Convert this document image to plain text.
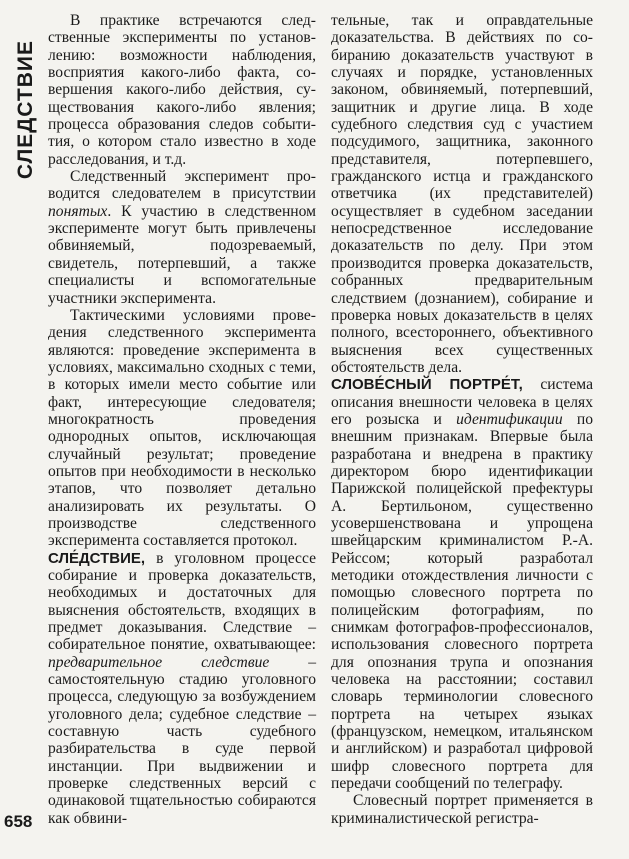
СЛЕДСТВИЕ
658

В практике встречаются следственные эксперименты по установлению: возможности наблюдения, восприятия какого-либо факта, совершения какого-либо действия, существования какого-либо явления; процесса образования следов событития, о котором стало известно в ходе расследования, и т.д.

Следственный эксперимент проводится следователем в присутствии понятых. К участию в следственном эксперименте могут быть привлечены обвиняемый, подозреваемый, свидетель, потерпевший, а также специалисты и вспомогательные участники эксперимента.

Тактическими условиями проведения следственного эксперимента являются: проведение эксперимента в условиях, максимально сходных с теми, в которых имели место событие или факт, интересующие следователя; многократность проведения однородных опытов, исключающая случайный результат; проведение опытов при необходимости в несколько этапов, что позволяет детально анализировать их результаты. О производстве следственного эксперимента составляется протокол.

СЛЕ́ДСТВИЕ, в уголовном процессе собирание и проверка доказательств, необходимых и достаточных для выяснения обстоятельств, входящих в предмет доказывания. Следствие – собирательное понятие, охватывающее: предварительное следствие – самостоятельную стадию уголовного процесса, следующую за возбуждением уголовного дела; судебное следствие – составную часть судебного разбирательства в суде первой инстанции. При выдвижении и проверке следственных версий с одинаковой тщательностью собираются как обвини-

тельные, так и оправдательные доказательства. В действиях по собиранию доказательств участвуют в случаях и порядке, установленных законом, обвиняемый, потерпевший, защитник и другие лица. В ходе судебного следствия суд с участием подсудимого, защитника, законного представителя, потерпевшего, гражданского истца и гражданского ответчика (их представителей) осуществляет в судебном заседании непосредственное исследование доказательств по делу. При этом производится проверка доказательств, собранных предварительным следствием (дознанием), собирание и проверка новых доказательств в целях полного, всестороннего, объективного выяснения всех существенных обстоятельств дела.

СЛОВЕ́СНЫЙ ПОРТРЕ́Т, система описания внешности человека в целях его розыска и идентификации по внешним признакам. Впервые была разработана и внедрена в практику директором бюро идентификации Парижской полицейской префектуры А. Бертильоном, существенно усовершенствована и упрощена швейцарским криминалистом Р.-А. Рейссом; который разработал методики отождествления личности с помощью словесного портрета по полицейским фотографиям, по снимкам фотографов-профессионалов, использования словесного портрета для опознания трупа и опознания человека на расстоянии; составил словарь терминологии словесного портрета на четырех языках (французском, немецком, итальянском и английском) и разработал цифровой шифр словесного портрета для передачи сообщений по телеграфу.

Словесный портрет применяется в криминалистической регистра-
